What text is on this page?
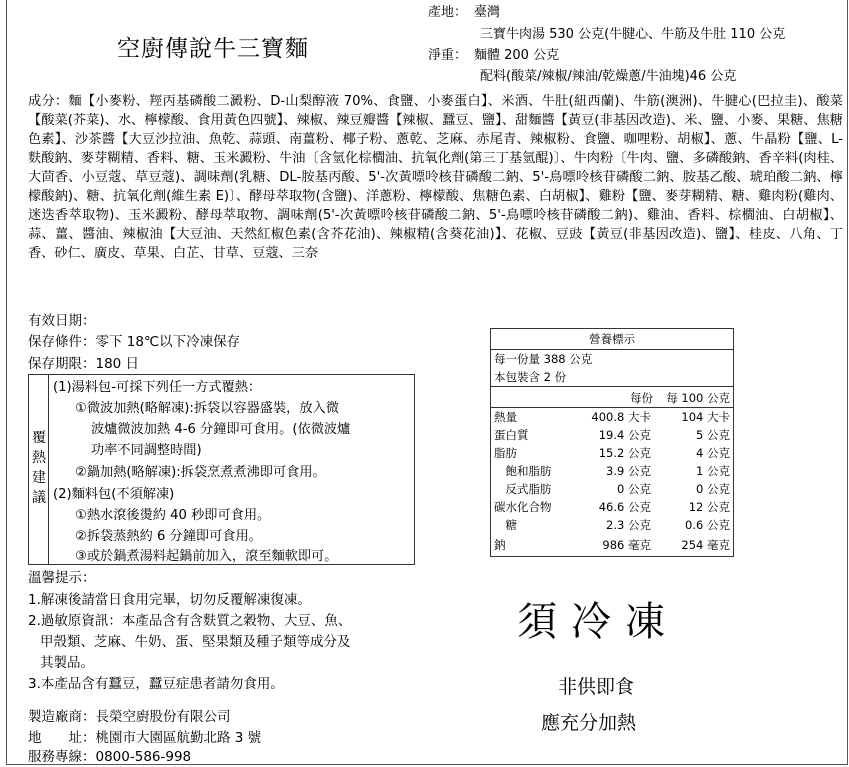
空廚傳說牛三寶麵
產地： 臺灣
三寶牛肉湯 530 公克(牛腱心、牛筋及牛肚 110 公克
淨重： 麵體 200 公克
配料(酸菜/辣椒/辣油/乾燥蔥/牛油塊)46 公克
成分：麵【小麥粉、羥丙基磷酸二澱粉、D-山梨醇液 70%、食鹽、小麥蛋白】、米酒、牛肚(紐西蘭)、牛筋(澳洲)、牛腱心(巴拉圭)、酸菜【酸菜(芥菜)、水、檸檬酸、食用黃色四號】、辣椒、辣豆瓣醬【辣椒、蠶豆、鹽】、甜麵醬【黃豆(非基因改造)、米、鹽、小麥、果糖、焦糖色素】、沙茶醬【大豆沙拉油、魚乾、蒜頭、南薑粉、椰子粉、蔥乾、芝麻、赤尾青、辣椒粉、食鹽、咖哩粉、胡椒】、蔥、牛晶粉【鹽、L-麩酸鈉、麥芽糊精、香料、糖、玉米澱粉、牛油〔含氫化棕櫚油、抗氧化劑(第三丁基氫醌)〕、牛肉粉〔牛肉、鹽、多磷酸鈉、香辛料(肉桂、大茴香、小豆蔻、草豆蔻)、調味劑(乳糖、DL-胺基丙酸、5'-次黃嘌呤核苷磷酸二鈉、5'-鳥嘌呤核苷磷酸二鈉、胺基乙酸、琥珀酸二鈉、檸檬酸鈉)、糖、抗氧化劑(維生素 E)〕、酵母萃取物(含鹽)、洋蔥粉、檸檬酸、焦糖色素、白胡椒】、雞粉【鹽、麥芽糊精、糖、雞肉粉(雞肉、迷迭香萃取物)、玉米澱粉、酵母萃取物、調味劑(5'-次黃嘌呤核苷磷酸二鈉、5'-鳥嘌呤核苷磷酸二鈉)、雞油、香料、棕櫚油、白胡椒】、蒜、薑、醬油、辣椒油【大豆油、天然紅椒色素(含芥花油)、辣椒精(含葵花油)】、花椒、豆豉【黃豆(非基因改造)、鹽】、桂皮、八角、丁香、砂仁、廣皮、草果、白芷、甘草、豆蔻、三奈
有效日期：
保存條件：零下 18℃以下冷凍保存
保存期限：180 日
覆
熱
建
議
(1)湯料包-可採下列任一方式覆熱：
①微波加熱(略解凍):拆袋以容器盛裝，放入微
波爐微波加熱 4-6 分鐘即可食用。(依微波爐
功率不同調整時間)
②鍋加熱(略解凍):拆袋烹煮煮沸即可食用。
(2)麵料包(不須解凍)
①熱水滾後燙約 40 秒即可食用。
②拆袋蒸熱約 6 分鐘即可食用。
③或於鍋煮湯料起鍋前加入，滾至麵軟即可。
營養標示
每一份量 388 公克
本包裝含 2 份
每份 每 100 公克
熱量	400.8 大卡	104 大卡
蛋白質	19.4 公克	5 公克
脂肪	15.2 公克	4 公克
　飽和脂肪	3.9 公克	1 公克
　反式脂肪	0 公克	0 公克
碳水化合物	46.6 公克	12 公克
　糖	2.3 公克	0.6 公克
鈉	986 毫克	254 毫克
溫馨提示：
1.解凍後請當日食用完畢，切勿反覆解凍復凍。
2.過敏原資訊：本產品含有含麩質之穀物、大豆、魚、
甲殼類、芝麻、牛奶、蛋、堅果類及種子類等成分及
其製品。
3.本產品含有蠶豆，蠶豆症患者請勿食用。
製造廠商：長榮空廚股份有限公司
地　　址：桃園市大園區航勤北路 3 號
服務專線：0800-586-998
須冷凍
非供即食
應充分加熱
